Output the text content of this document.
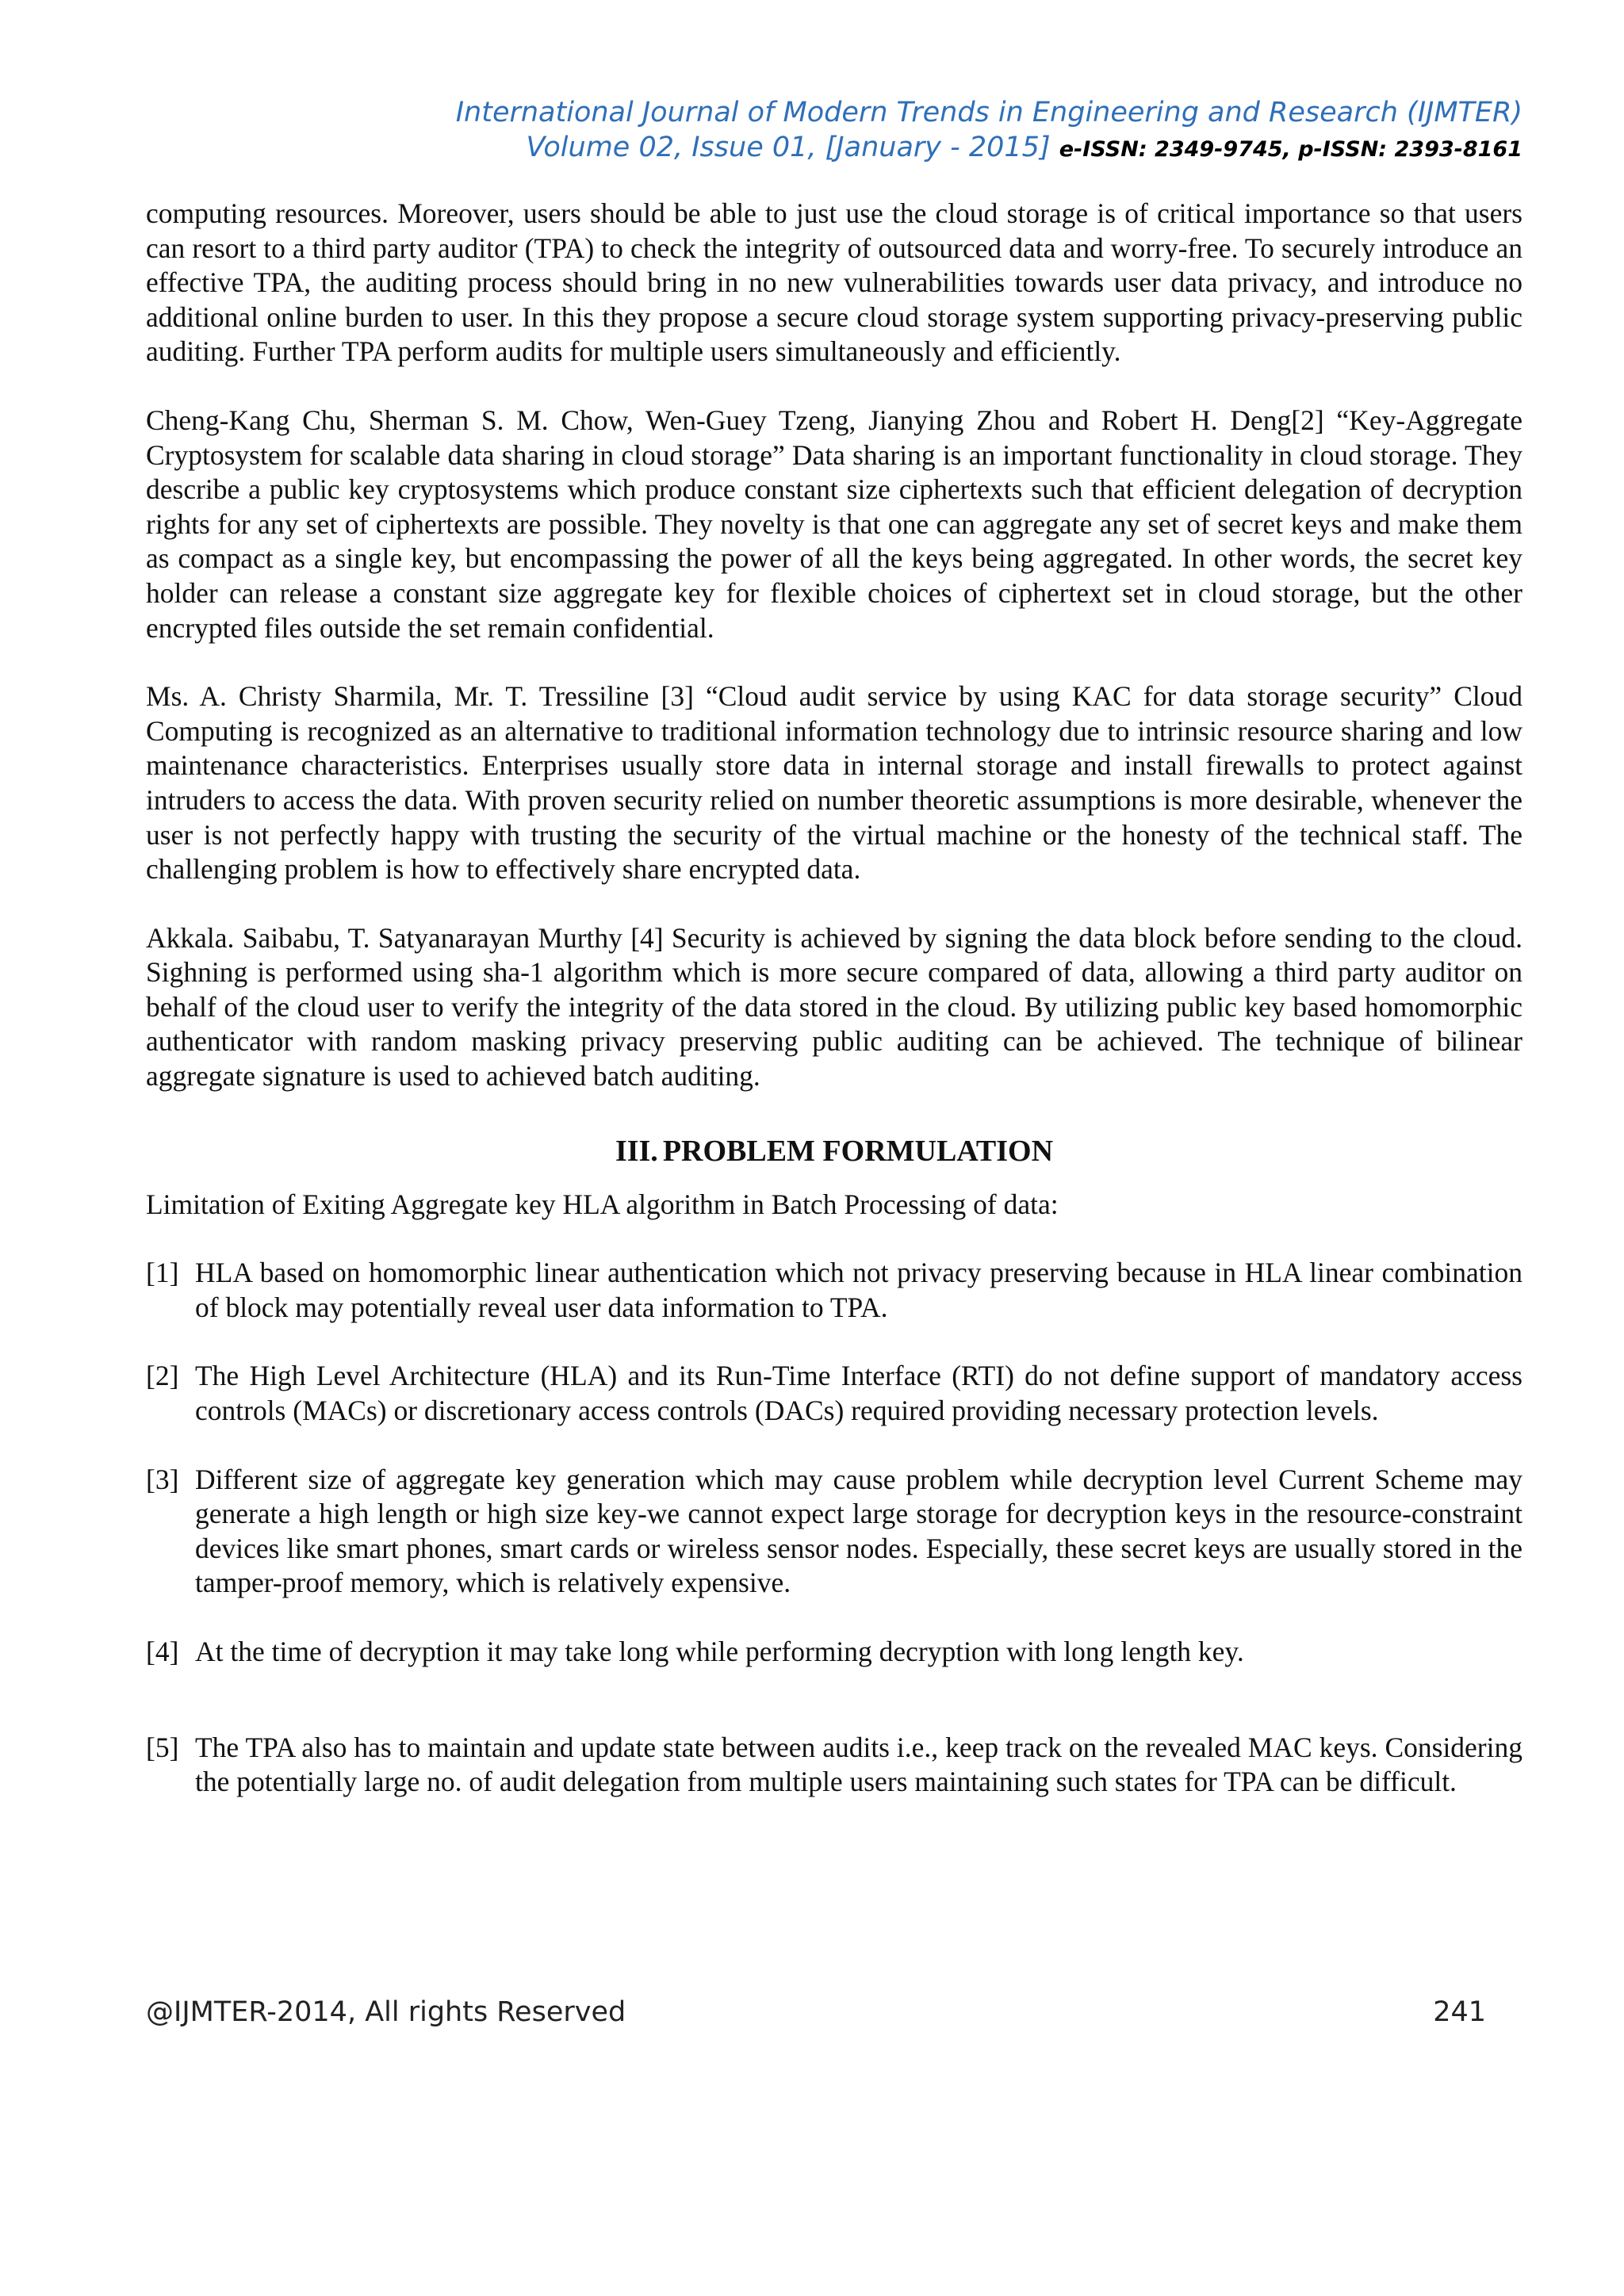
International Journal of Modern Trends in Engineering and Research (IJMTER)
Volume 02, Issue 01, [January - 2015] e-ISSN: 2349-9745, p-ISSN: 2393-8161

computing resources. Moreover, users should be able to just use the cloud storage is of critical importance so that users can resort to a third party auditor (TPA) to check the integrity of outsourced data and worry-free. To securely introduce an effective TPA, the auditing process should bring in no new vulnerabilities towards user data privacy, and introduce no additional online burden to user. In this they propose a secure cloud storage system supporting privacy-preserving public auditing. Further TPA perform audits for multiple users simultaneously and efficiently.

Cheng-Kang Chu, Sherman S. M. Chow, Wen-Guey Tzeng, Jianying Zhou and Robert H. Deng[2] “Key-Aggregate Cryptosystem for scalable data sharing in cloud storage” Data sharing is an important functionality in cloud storage. They describe a public key cryptosystems which produce constant size ciphertexts such that efficient delegation of decryption rights for any set of ciphertexts are possible. They novelty is that one can aggregate any set of secret keys and make them as compact as a single key, but encompassing the power of all the keys being aggregated. In other words, the secret key holder can release a constant size aggregate key for flexible choices of ciphertext set in cloud storage, but the other encrypted files outside the set remain confidential.

Ms. A. Christy Sharmila, Mr. T. Tressiline [3] “Cloud audit service by using KAC for data storage security” Cloud Computing is recognized as an alternative to traditional information technology due to intrinsic resource sharing and low maintenance characteristics. Enterprises usually store data in internal storage and install firewalls to protect against intruders to access the data. With proven security relied on number theoretic assumptions is more desirable, whenever the user is not perfectly happy with trusting the security of the virtual machine or the honesty of the technical staff. The challenging problem is how to effectively share encrypted data.

Akkala. Saibabu, T. Satyanarayan Murthy [4] Security is achieved by signing the data block before sending to the cloud. Sighning is performed using sha-1 algorithm which is more secure compared of data, allowing a third party auditor on behalf of the cloud user to verify the integrity of the data stored in the cloud. By utilizing public key based homomorphic authenticator with random masking privacy preserving public auditing can be achieved. The technique of bilinear aggregate signature is used to achieved batch auditing.

III. PROBLEM FORMULATION

Limitation of Exiting Aggregate key HLA algorithm in Batch Processing of data:

[1] HLA based on homomorphic linear authentication which not privacy preserving because in HLA linear combination of block may potentially reveal user data information to TPA.
[2] The High Level Architecture (HLA) and its Run-Time Interface (RTI) do not define support of mandatory access controls (MACs) or discretionary access controls (DACs) required providing necessary protection levels.
[3] Different size of aggregate key generation which may cause problem while decryption level Current Scheme may generate a high length or high size key-we cannot expect large storage for decryption keys in the resource-constraint devices like smart phones, smart cards or wireless sensor nodes. Especially, these secret keys are usually stored in the tamper-proof memory, which is relatively expensive.
[4] At the time of decryption it may take long while performing decryption with long length key.
[5] The TPA also has to maintain and update state between audits i.e., keep track on the revealed MAC keys. Considering the potentially large no. of audit delegation from multiple users maintaining such states for TPA can be difficult.
@IJMTER-2014, All rights Reserved	241
